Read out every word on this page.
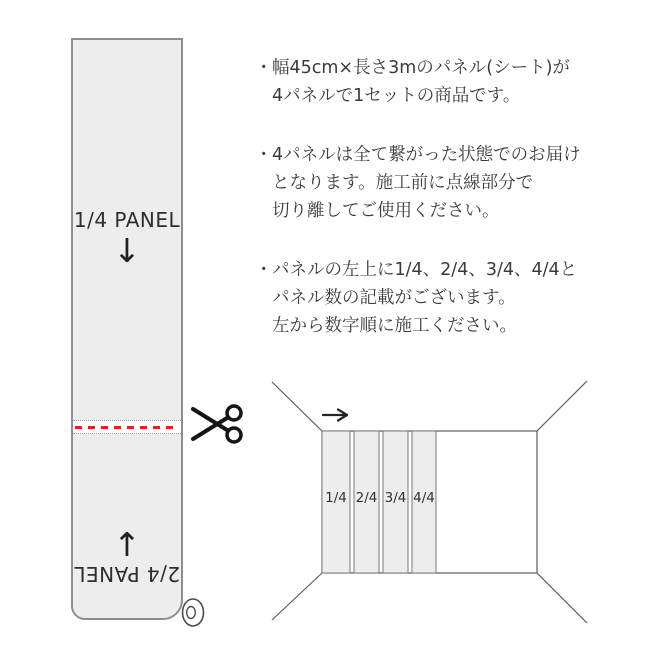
1/4 PANEL
↓
↑
2/4 PANEL
・ 幅45cm×長さ3mのパネル(シート)が
4パネルで1セットの商品です。
・ 4パネルは全て繋がった状態でのお届け
となります。施工前に点線部分で
切り離してご使用ください。
・ パネルの左上に1/4、2/4、3/4、4/4と
パネル数の記載がございます。
左から数字順に施工ください。
1/4 2/4 3/4 4/4
